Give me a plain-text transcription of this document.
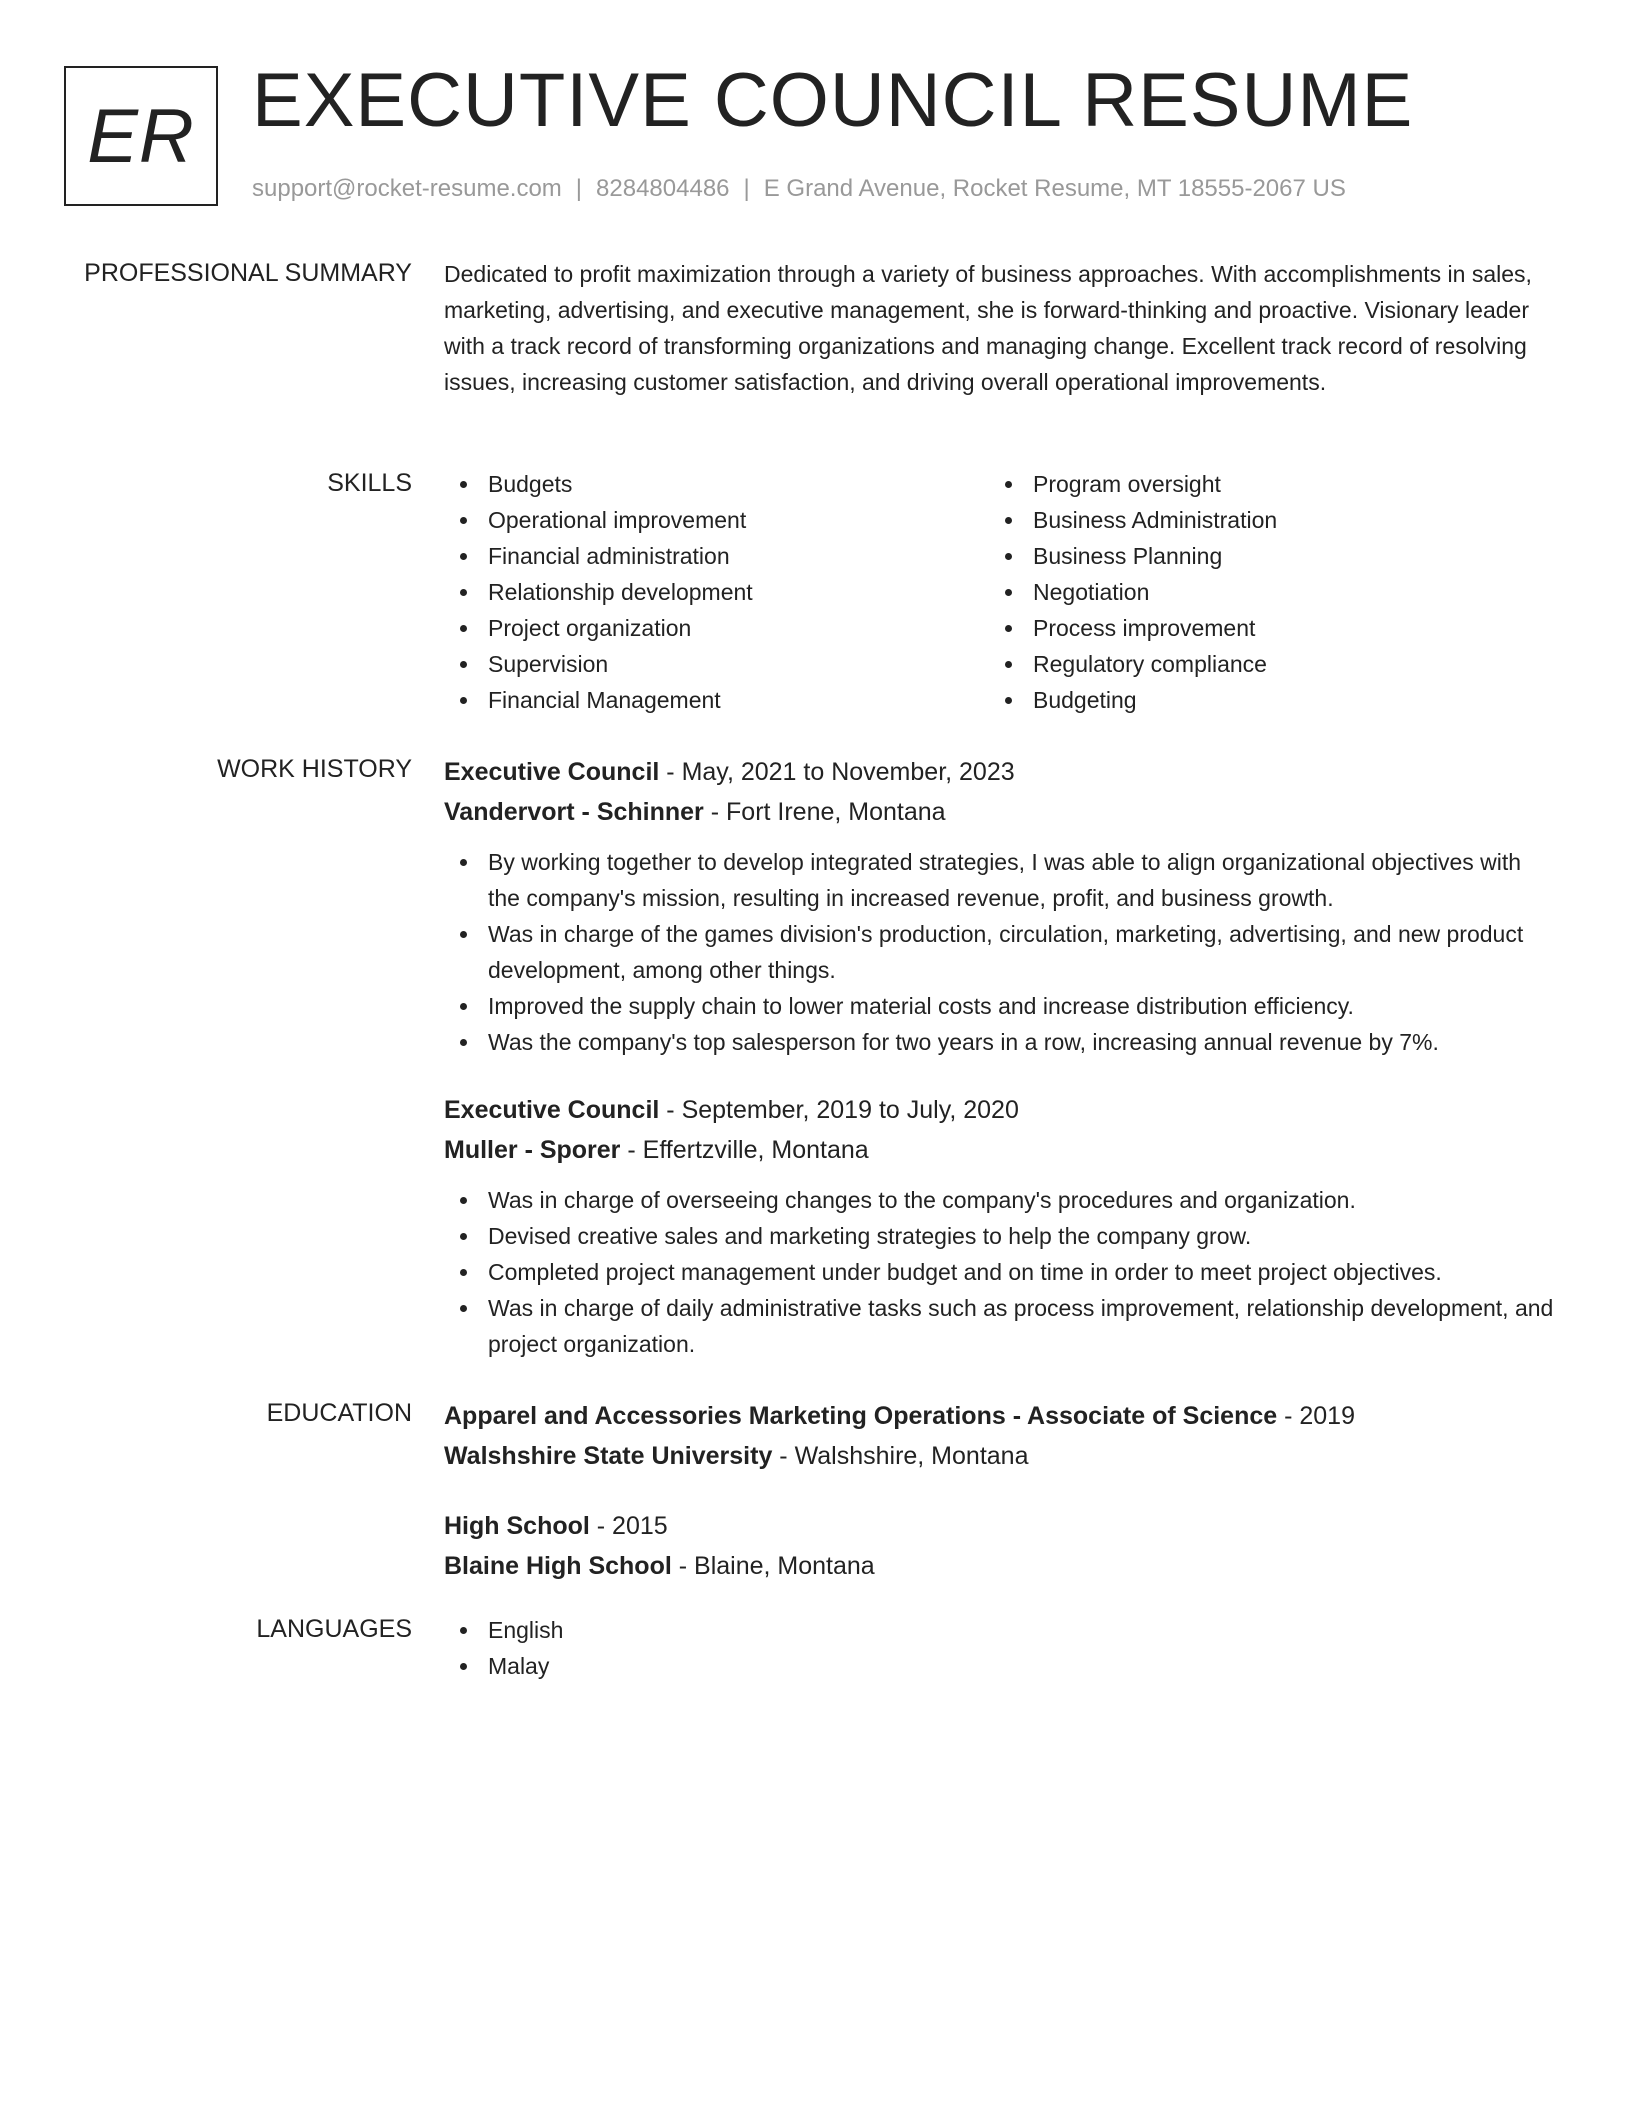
ER EXECUTIVE COUNCIL RESUME
support@rocket-resume.com | 8284804486 | E Grand Avenue, Rocket Resume, MT 18555-2067 US
PROFESSIONAL SUMMARY Dedicated to profit maximization through a variety of business approaches. With accomplishments in sales, marketing, advertising, and executive management, she is forward-thinking and proactive. Visionary leader with a track record of transforming organizations and managing change. Excellent track record of resolving issues, increasing customer satisfaction, and driving overall operational improvements.
SKILLS	Budgets
Operational improvement
Financial administration
Relationship development
Project organization
Supervision
Financial Management
Program oversight
Business Administration
Business Planning
Negotiation
Process improvement
Regulatory compliance
Budgeting
WORK HISTORY Executive Council - May, 2021 to November, 2023
Vandervort - Schinner - Fort Irene, Montana
By working together to develop integrated strategies, I was able to align organizational objectives with the company's mission, resulting in increased revenue, profit, and business growth.
Was in charge of the games division's production, circulation, marketing, advertising, and new product development, among other things.
Improved the supply chain to lower material costs and increase distribution efficiency.
Was the company's top salesperson for two years in a row, increasing annual revenue by 7%.
Executive Council - September, 2019 to July, 2020
Muller - Sporer - Effertzville, Montana
Was in charge of overseeing changes to the company's procedures and organization.
Devised creative sales and marketing strategies to help the company grow.
Completed project management under budget and on time in order to meet project objectives.
Was in charge of daily administrative tasks such as process improvement, relationship development, and project organization.
EDUCATION Apparel and Accessories Marketing Operations - Associate of Science - 2019
Walshshire State University - Walshshire, Montana
High School - 2015
Blaine High School - Blaine, Montana
LANGUAGES	English
Malay
